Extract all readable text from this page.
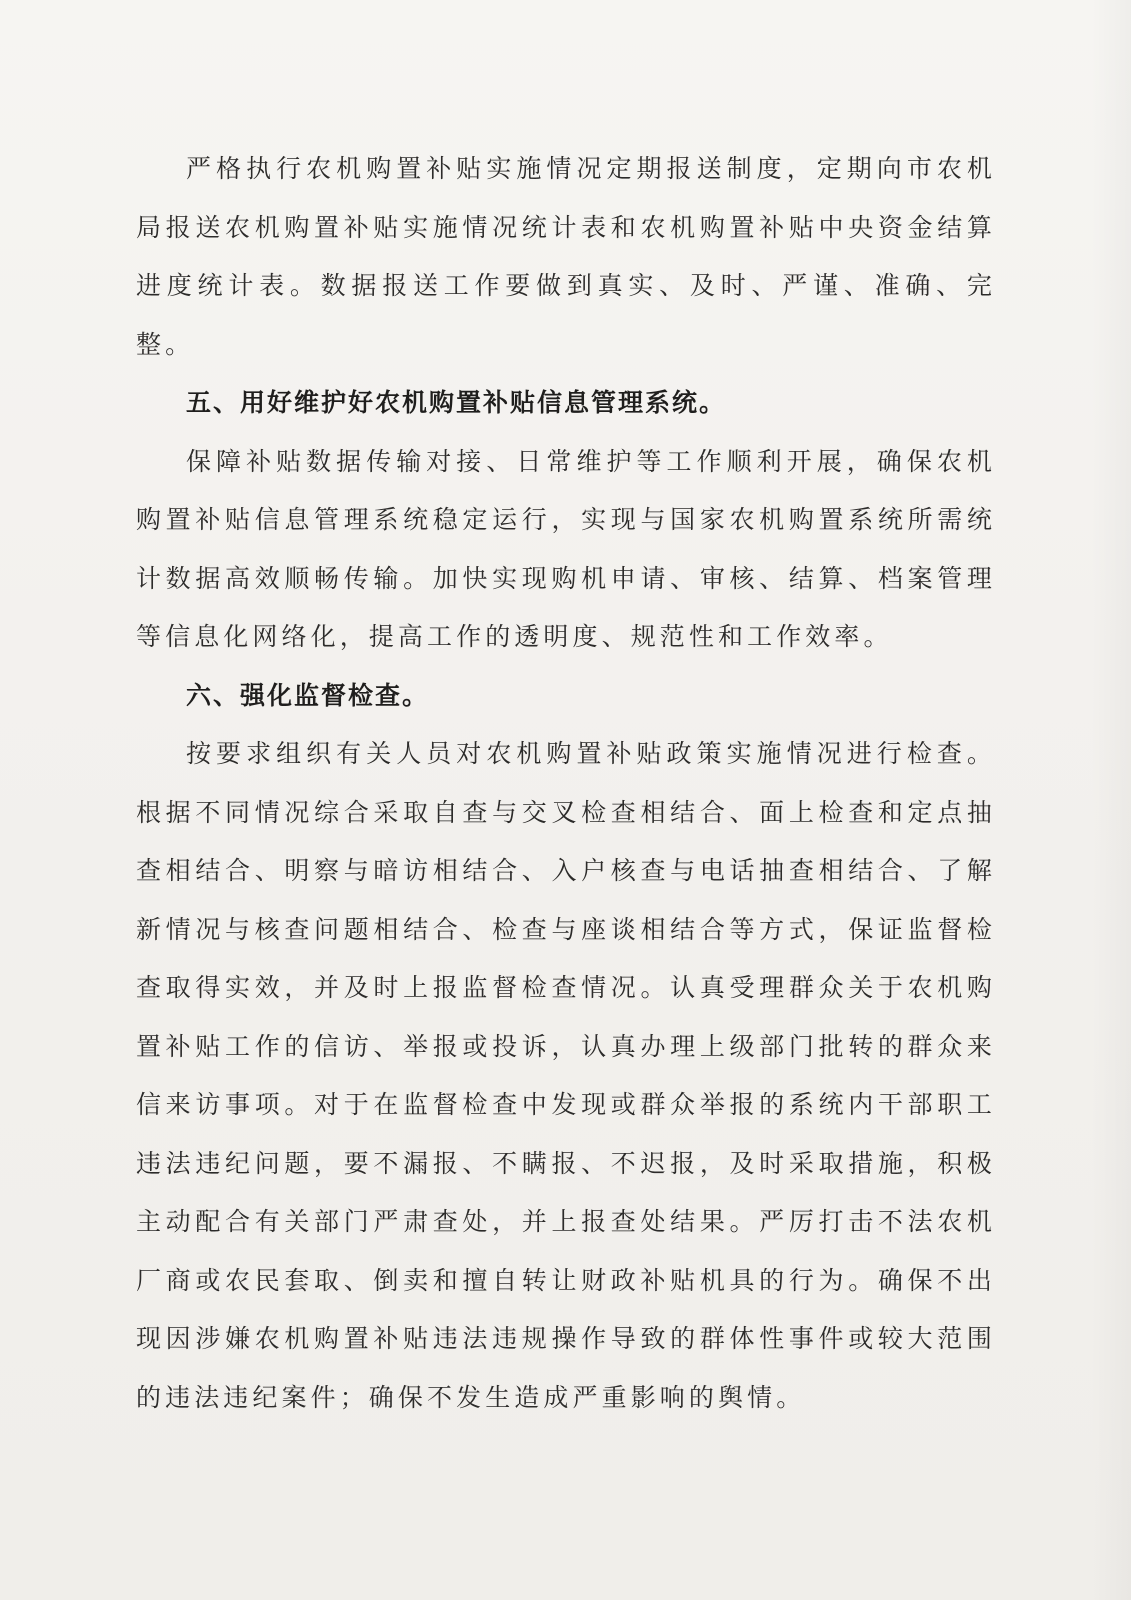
严格执行农机购置补贴实施情况定期报送制度，定期向市农机局报送农机购置补贴实施情况统计表和农机购置补贴中央资金结算进度统计表。数据报送工作要做到真实、及时、严谨、准确、完整。

五、用好维护好农机购置补贴信息管理系统。

保障补贴数据传输对接、日常维护等工作顺利开展，确保农机购置补贴信息管理系统稳定运行，实现与国家农机购置系统所需统计数据高效顺畅传输。加快实现购机申请、审核、结算、档案管理等信息化网络化，提高工作的透明度、规范性和工作效率。

六、强化监督检查。

按要求组织有关人员对农机购置补贴政策实施情况进行检查。根据不同情况综合采取自查与交叉检查相结合、面上检查和定点抽查相结合、明察与暗访相结合、入户核查与电话抽查相结合、了解新情况与核查问题相结合、检查与座谈相结合等方式，保证监督检查取得实效，并及时上报监督检查情况。认真受理群众关于农机购置补贴工作的信访、举报或投诉，认真办理上级部门批转的群众来信来访事项。对于在监督检查中发现或群众举报的系统内干部职工违法违纪问题，要不漏报、不瞒报、不迟报，及时采取措施，积极主动配合有关部门严肃查处，并上报查处结果。严厉打击不法农机厂商或农民套取、倒卖和擅自转让财政补贴机具的行为。确保不出现因涉嫌农机购置补贴违法违规操作导致的群体性事件或较大范围的违法违纪案件；确保不发生造成严重影响的舆情。
